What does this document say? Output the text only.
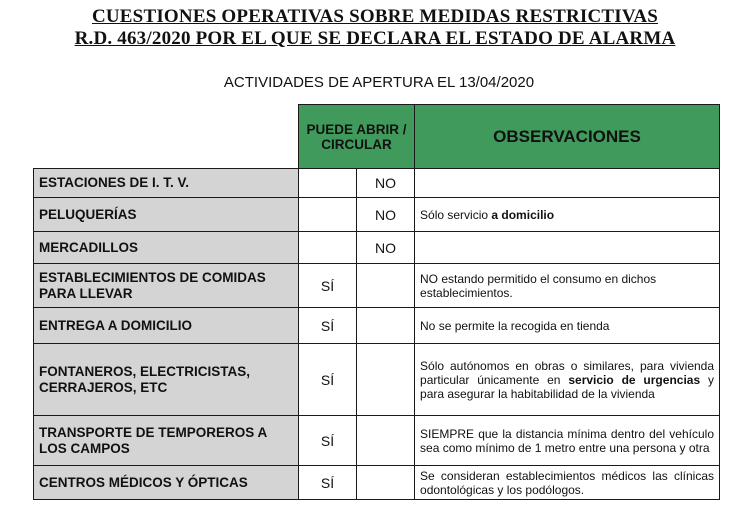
CUESTIONES OPERATIVAS SOBRE MEDIDAS RESTRICTIVAS
R.D. 463/2020 POR EL QUE SE DECLARA EL ESTADO DE ALARMA
ACTIVIDADES DE APERTURA EL 13/04/2020
	PUEDE ABRIR / CIRCULAR		OBSERVACIONES
ESTACIONES DE I. T. V.		NO	
PELUQUERÍAS		NO	Sólo servicio a domicilio
MERCADILLOS		NO	
ESTABLECIMIENTOS DE COMIDAS PARA LLEVAR	SÍ		NO estando permitido el consumo en dichos establecimientos.
ENTREGA A DOMICILIO	SÍ		No se permite la recogida en tienda
FONTANEROS, ELECTRICISTAS, CERRAJEROS, ETC	SÍ		Sólo autónomos en obras o similares, para vivienda particular únicamente en servicio de urgencias y para asegurar la habitabilidad de la vivienda
TRANSPORTE DE TEMPOREROS A LOS CAMPOS	SÍ		SIEMPRE que la distancia mínima dentro del vehículo sea como mínimo de 1 metro entre una persona y otra
CENTROS MÉDICOS Y ÓPTICAS	SÍ		Se consideran establecimientos médicos las clínicas odontológicas y los podólogos.
